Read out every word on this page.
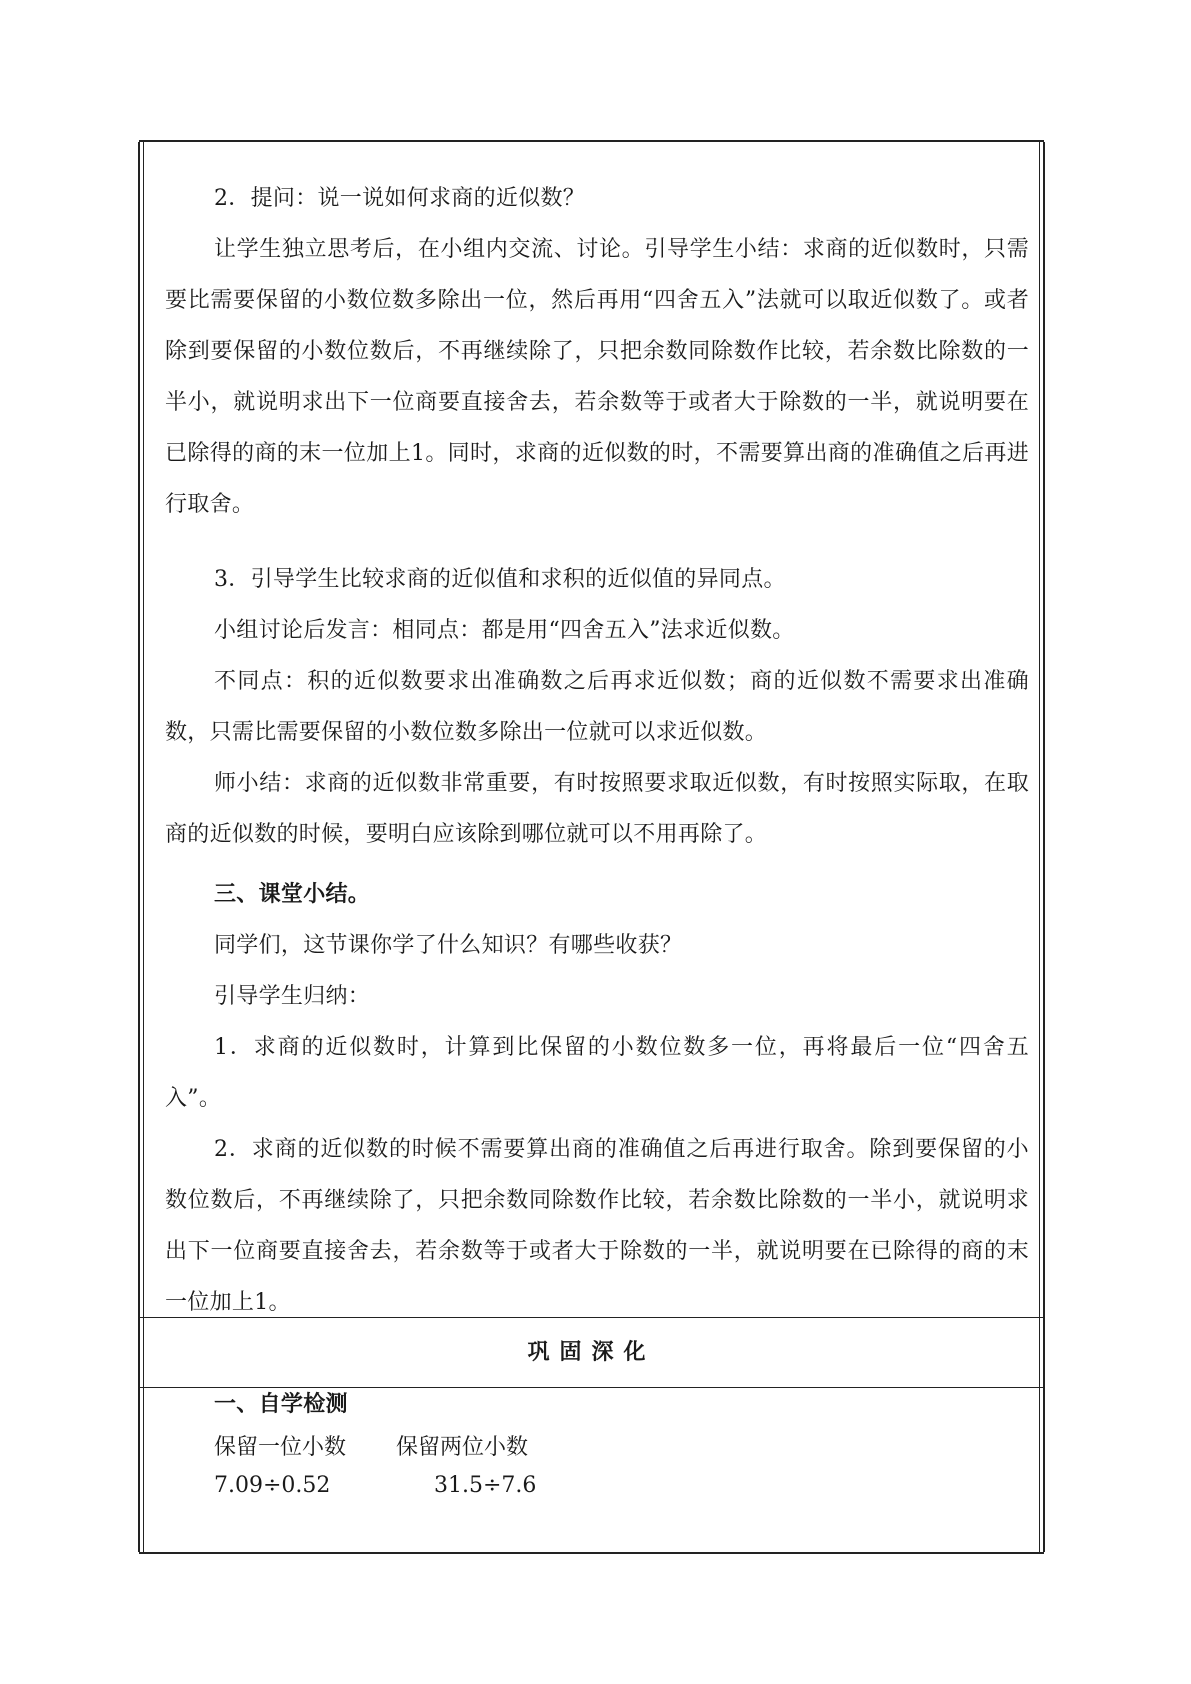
2．提问：说一说如何求商的近似数？

让学生独立思考后，在小组内交流、讨论。引导学生小结：求商的近似数时，只需要比需要保留的小数位数多除出一位，然后再用“四舍五入”法就可以取近似数了。或者除到要保留的小数位数后，不再继续除了，只把余数同除数作比较，若余数比除数的一半小，就说明求出下一位商要直接舍去，若余数等于或者大于除数的一半，就说明要在已除得的商的末一位加上1。同时，求商的近似数的时，不需要算出商的准确值之后再进行取舍。

3．引导学生比较求商的近似值和求积的近似值的异同点。

小组讨论后发言：相同点：都是用“四舍五入”法求近似数。

不同点：积的近似数要求出准确数之后再求近似数；商的近似数不需要求出准确数，只需比需要保留的小数位数多除出一位就可以求近似数。

师小结：求商的近似数非常重要，有时按照要求取近似数，有时按照实际取，在取商的近似数的时候，要明白应该除到哪位就可以不用再除了。

三、课堂小结。

同学们，这节课你学了什么知识？有哪些收获？

引导学生归纳：

1．求商的近似数时，计算到比保留的小数位数多一位，再将最后一位“四舍五入”。

2．求商的近似数的时候不需要算出商的准确值之后再进行取舍。除到要保留的小数位数后，不再继续除了，只把余数同除数作比较，若余数比除数的一半小，就说明求出下一位商要直接舍去，若余数等于或者大于除数的一半，就说明要在已除得的商的末一位加上1。

巩固深化

一、自学检测

保留一位小数 保留两位小数
7.09÷0.52	31.5÷7.6
